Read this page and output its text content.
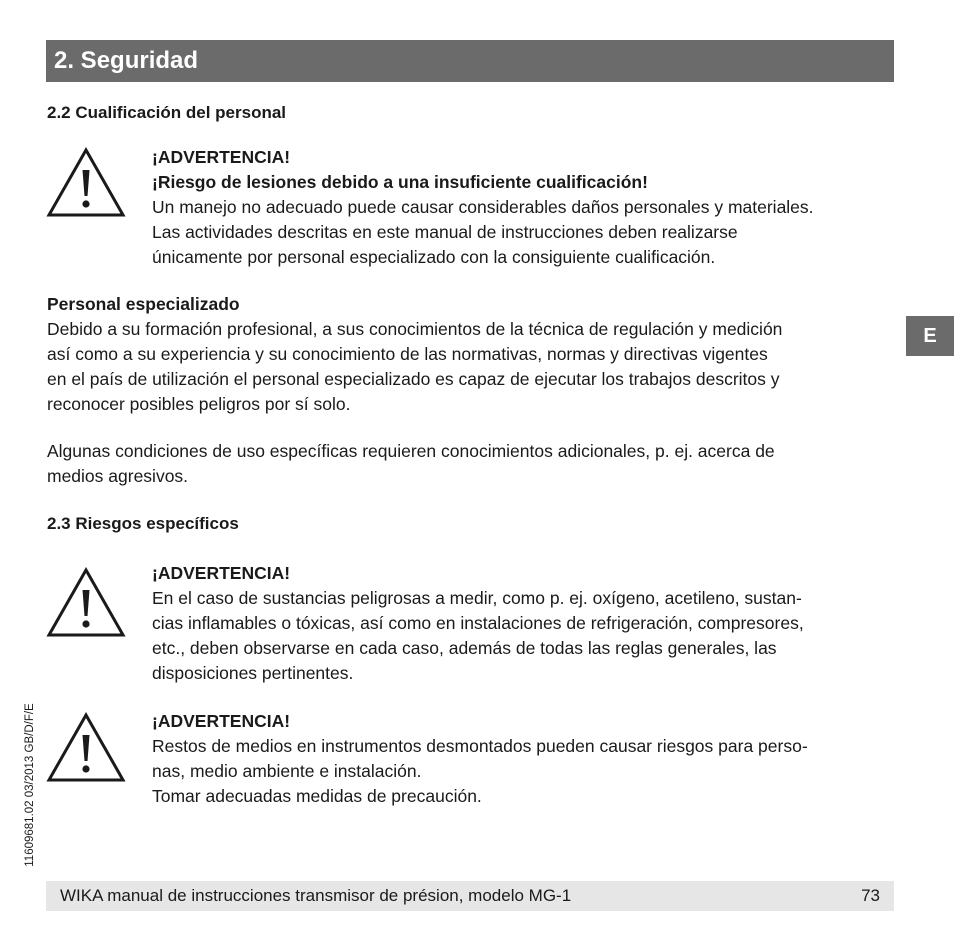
2. Seguridad
2.2 Cualificación del personal
¡ADVERTENCIA!
¡Riesgo de lesiones debido a una insuficiente cualificación!
Un manejo no adecuado puede causar considerables daños personales y materiales.
Las actividades descritas en este manual de instrucciones deben realizarse
únicamente por personal especializado con la consiguiente cualificación.
Personal especializado
Debido a su formación profesional, a sus conocimientos de la técnica de regulación y medición
así como a su experiencia y su conocimiento de las normativas, normas y directivas vigentes
en el país de utilización el personal especializado es capaz de ejecutar los trabajos descritos y
reconocer posibles peligros por sí solo.
Algunas condiciones de uso específicas requieren conocimientos adicionales, p. ej. acerca de
medios agresivos.
2.3 Riesgos específicos
¡ADVERTENCIA!
En el caso de sustancias peligrosas a medir, como p. ej. oxígeno, acetileno, sustan-
cias inflamables o tóxicas, así como en instalaciones de refrigeración, compresores,
etc., deben observarse en cada caso, además de todas las reglas generales, las
disposiciones pertinentes.
¡ADVERTENCIA!
Restos de medios en instrumentos desmontados pueden causar riesgos para perso-
nas, medio ambiente e instalación.
Tomar adecuadas medidas de precaución.
E
11609681.02 03/2013 GB/D/F/E
WIKA manual de instrucciones transmisor de présion, modelo MG-1	73
